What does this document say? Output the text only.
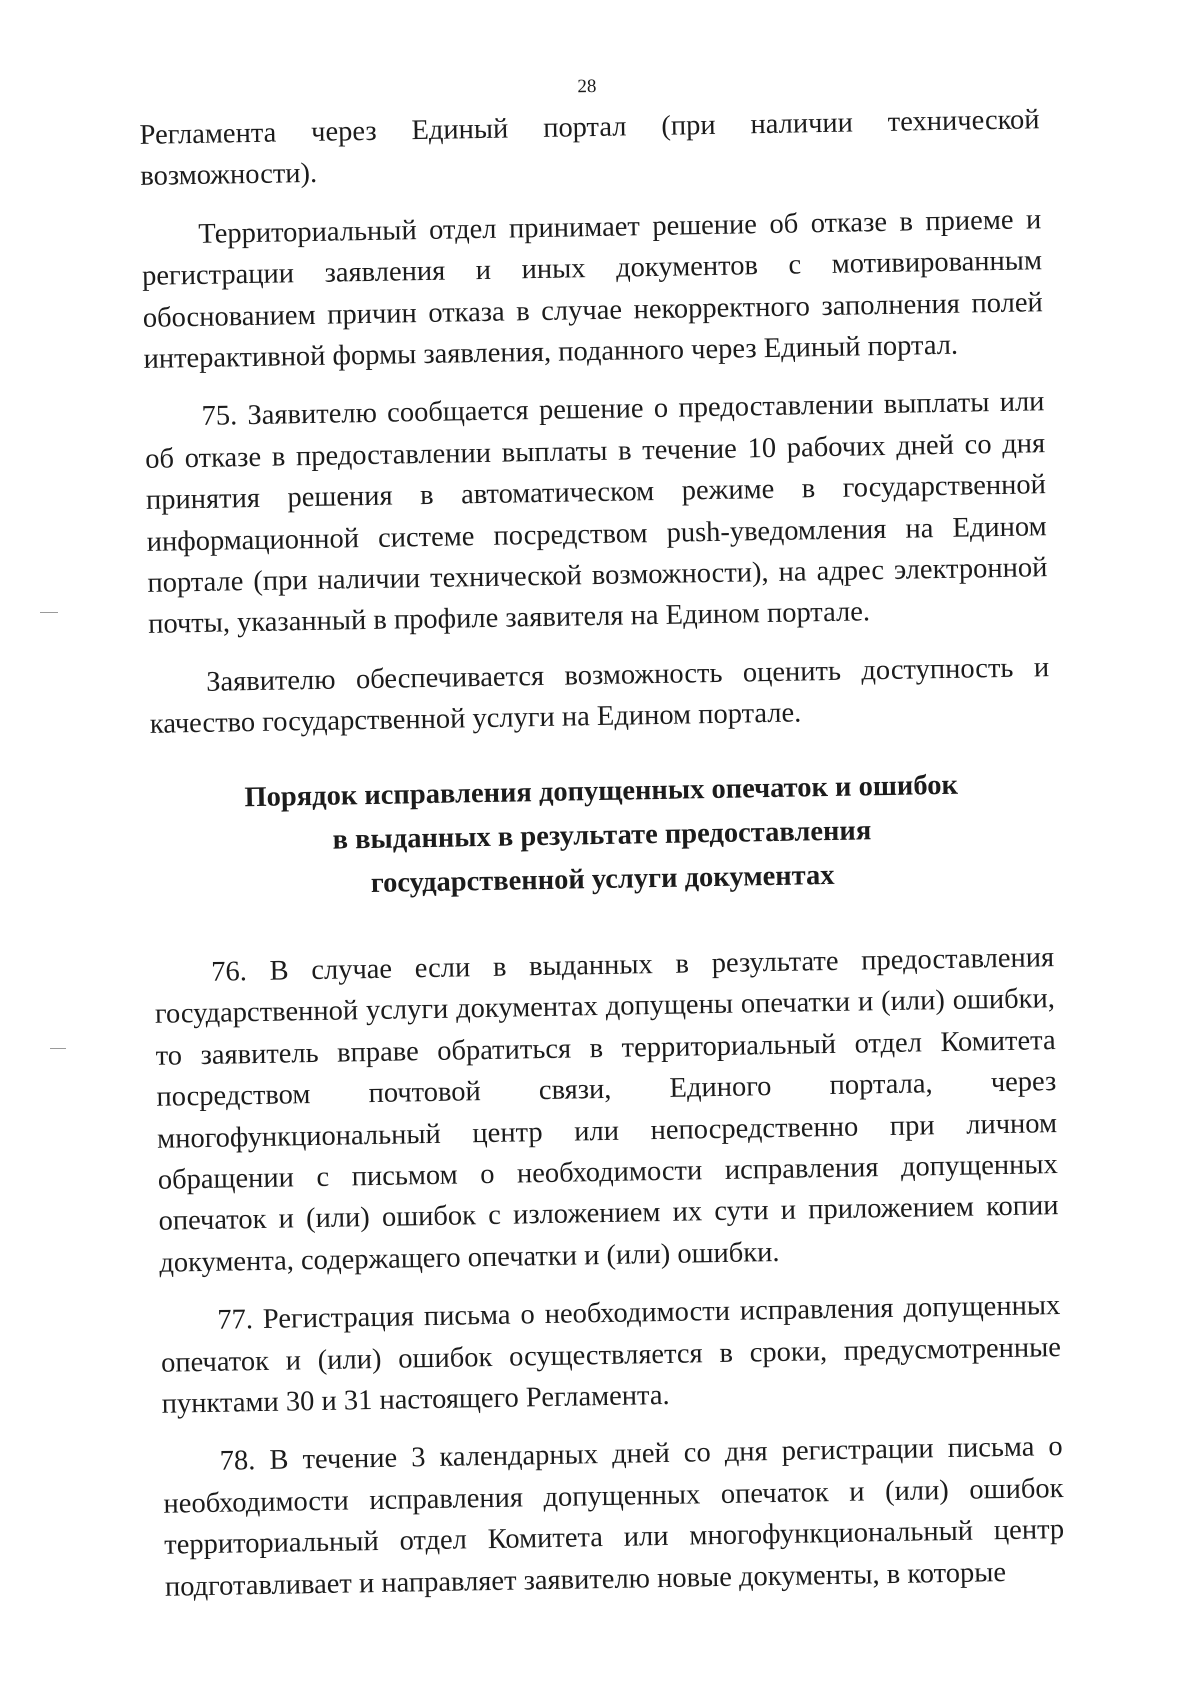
28

Регламента через Единый портал (при наличии технической возможности).

Территориальный отдел принимает решение об отказе в приеме и регистрации заявления и иных документов с мотивированным обоснованием причин отказа в случае некорректного заполнения полей интерактивной формы заявления, поданного через Единый портал.

75. Заявителю сообщается решение о предоставлении выплаты или об отказе в предоставлении выплаты в течение 10 рабочих дней со дня принятия решения в автоматическом режиме в государственной информационной системе посредством push-уведомления на Едином портале (при наличии технической возможности), на адрес электронной почты, указанный в профиле заявителя на Едином портале.

Заявителю обеспечивается возможность оценить доступность и качество государственной услуги на Едином портале.

Порядок исправления допущенных опечаток и ошибок
в выданных в результате предоставления
государственной услуги документах

76. В случае если в выданных в результате предоставления государственной услуги документах допущены опечатки и (или) ошибки, то заявитель вправе обратиться в территориальный отдел Комитета посредством почтовой связи, Единого портала, через многофункциональный центр или непосредственно при личном обращении с письмом о необходимости исправления допущенных опечаток и (или) ошибок с изложением их сути и приложением копии документа, содержащего опечатки и (или) ошибки.

77. Регистрация письма о необходимости исправления допущенных опечаток и (или) ошибок осуществляется в сроки, предусмотренные пунктами 30 и 31 настоящего Регламента.

78. В течение 3 календарных дней со дня регистрации письма о необходимости исправления допущенных опечаток и (или) ошибок территориальный отдел Комитета или многофункциональный центр подготавливает и направляет заявителю новые документы, в которые
